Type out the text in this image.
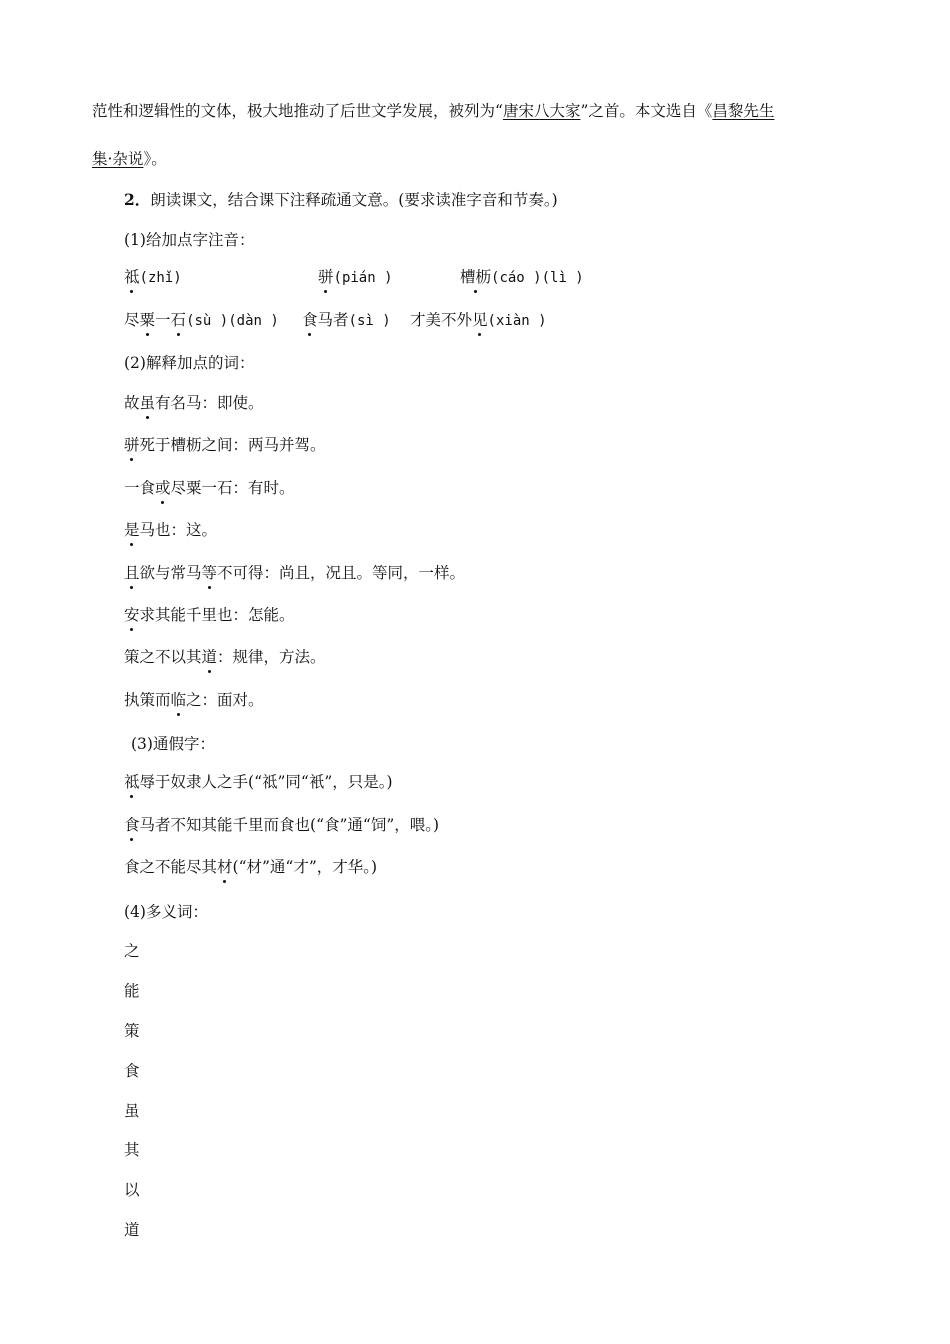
范性和逻辑性的文体，极大地推动了后世文学发展，被列为“唐宋八大家”之首。本文选自《昌黎先生
集·杂说》。
2．朗读课文，结合课下注释疏通文意。(要求读准字音和节奏。)
(1)给加点字注音：
祗(zhǐ)	骈(pián )	槽枥(cáo )(lì )
尽粟一石(sù )(dàn ) 食马者(sì ) 才美不外见(xiàn )
(2)解释加点的词：
故虽有名马：即使。
骈死于槽枥之间：两马并驾。
一食或尽粟一石：有时。
是马也：这。
且欲与常马等不可得：尚且，况且。等同，一样。
安求其能千里也：怎能。
策之不以其道：规律，方法。
执策而临之：面对。
(3)通假字：
祗辱于奴隶人之手(“祗”同“衹”，只是。)
食马者不知其能千里而食也(“食”通“饲”，喂。)
食之不能尽其材(“材”通“才”，才华。)
(4)多义词：
之
能
策
食
虽
其
以
道
